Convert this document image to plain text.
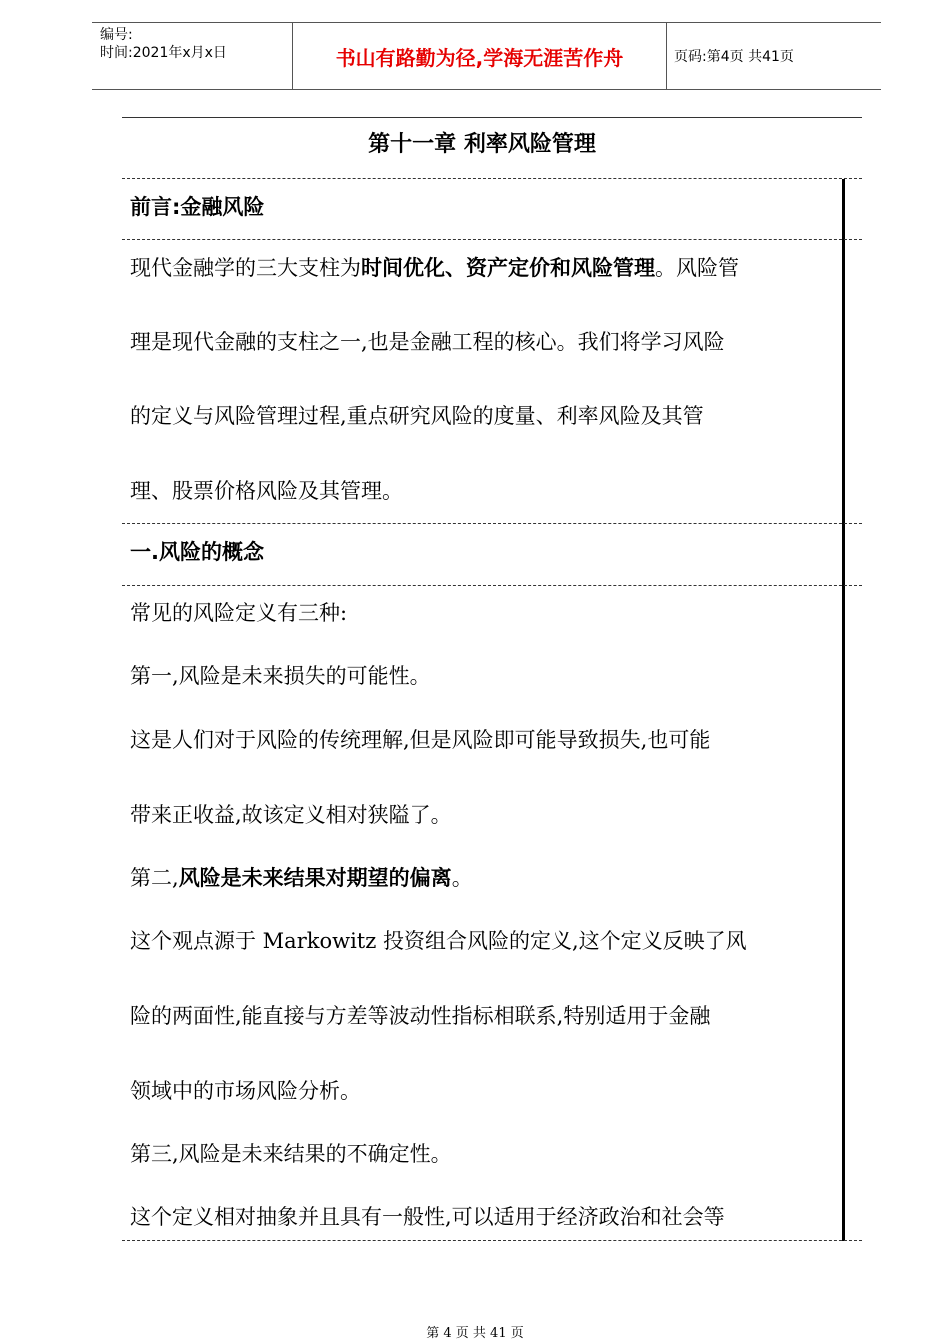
编号:
时间:2021年x月x日	书山有路勤为径,学海无涯苦作舟	页码:第4页 共41页
第十一章 利率风险管理
前言:金融风险
现代金融学的三大支柱为时间优化、资产定价和风险管理。风险管
理是现代金融的支柱之一,也是金融工程的核心。我们将学习风险
的定义与风险管理过程,重点研究风险的度量、利率风险及其管
理、股票价格风险及其管理。
一.风险的概念
常见的风险定义有三种:
第一,风险是未来损失的可能性。
这是人们对于风险的传统理解,但是风险即可能导致损失,也可能
带来正收益,故该定义相对狭隘了。
第二,风险是未来结果对期望的偏离。
这个观点源于 Markowitz 投资组合风险的定义,这个定义反映了风
险的两面性,能直接与方差等波动性指标相联系,特别适用于金融
领域中的市场风险分析。
第三,风险是未来结果的不确定性。
这个定义相对抽象并且具有一般性,可以适用于经济政治和社会等
第 4 页 共 41 页
